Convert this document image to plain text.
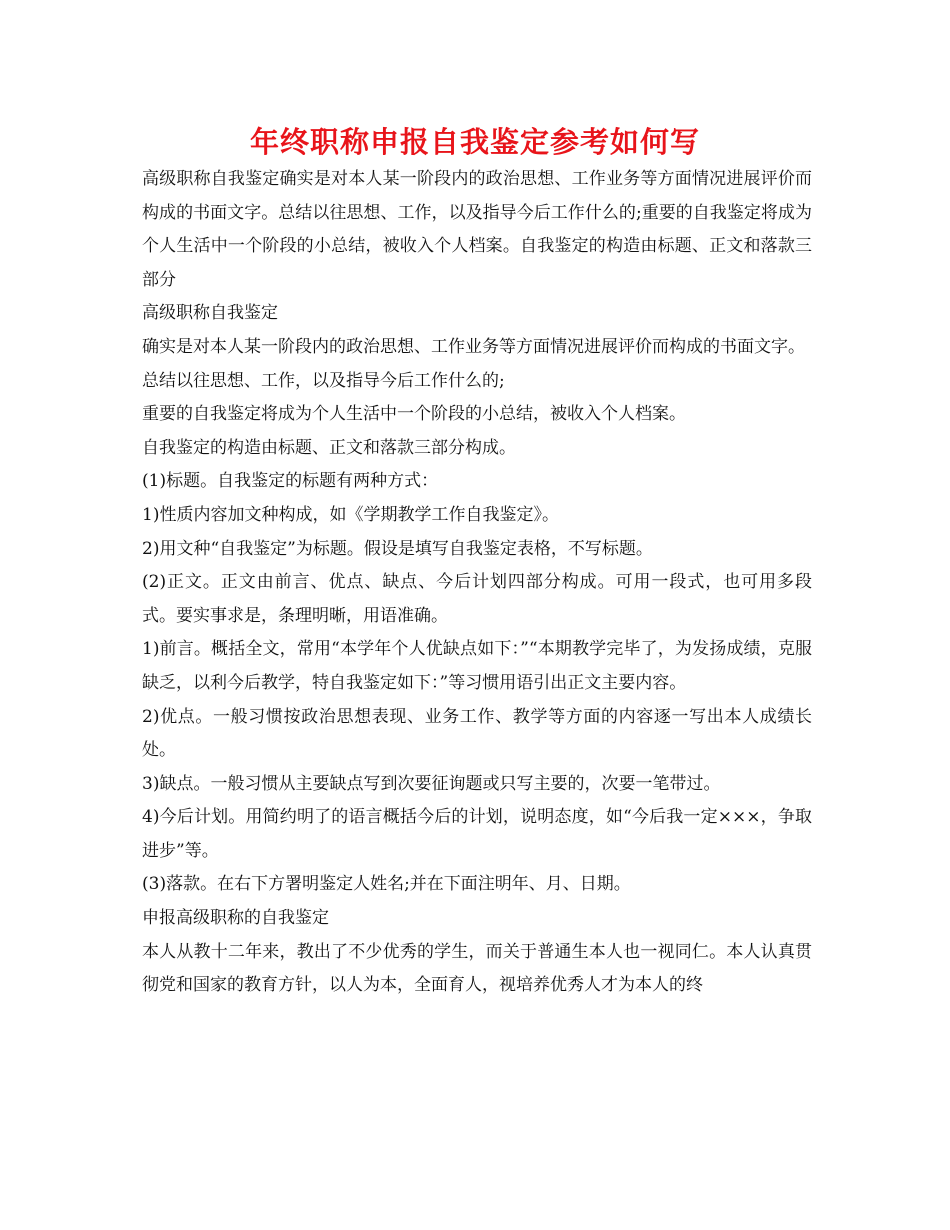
年终职称申报自我鉴定参考如何写

高级职称自我鉴定确实是对本人某一阶段内的政治思想、工作业务等方面情况进展评价而构成的书面文字。总结以往思想、工作，以及指导今后工作什么的;重要的自我鉴定将成为个人生活中一个阶段的小总结，被收入个人档案。自我鉴定的构造由标题、正文和落款三部分

高级职称自我鉴定

确实是对本人某一阶段内的政治思想、工作业务等方面情况进展评价而构成的书面文字。

总结以往思想、工作，以及指导今后工作什么的;

重要的自我鉴定将成为个人生活中一个阶段的小总结，被收入个人档案。

自我鉴定的构造由标题、正文和落款三部分构成。

(1)标题。自我鉴定的标题有两种方式：

1)性质内容加文种构成，如《学期教学工作自我鉴定》。

2)用文种“自我鉴定”为标题。假设是填写自我鉴定表格，不写标题。

(2)正文。正文由前言、优点、缺点、今后计划四部分构成。可用一段式，也可用多段式。要实事求是，条理明晰，用语准确。

1)前言。概括全文，常用“本学年个人优缺点如下：”“本期教学完毕了，为发扬成绩，克服缺乏，以利今后教学，特自我鉴定如下：”等习惯用语引出正文主要内容。

2)优点。一般习惯按政治思想表现、业务工作、教学等方面的内容逐一写出本人成绩长处。

3)缺点。一般习惯从主要缺点写到次要征询题或只写主要的，次要一笔带过。

4)今后计划。用简约明了的语言概括今后的计划，说明态度，如“今后我一定×××，争取进步”等。

(3)落款。在右下方署明鉴定人姓名;并在下面注明年、月、日期。

申报高级职称的自我鉴定

本人从教十二年来，教出了不少优秀的学生，而关于普通生本人也一视同仁。本人认真贯彻党和国家的教育方针，以人为本，全面育人，视培养优秀人才为本人的终
